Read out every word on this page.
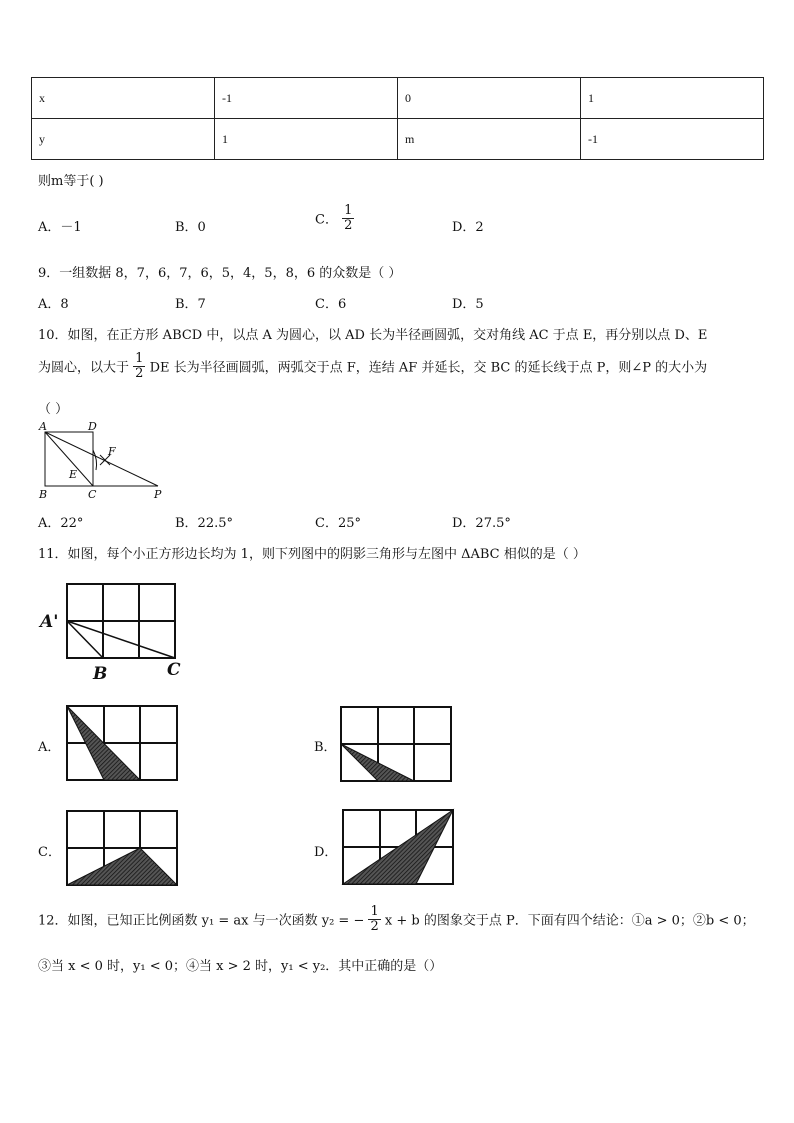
x	-1	0	1
y	1	m	-1
则m等于( )
A．－1	B．0	C． $\frac{1}{2}$	D．2
9．一组数据 8，7，6，7，6，5，4，5，8，6 的众数是（ ）
A．8	B．7	C．6	D．5
10．如图，在正方形 ABCD 中，以点 A 为圆心，以 AD 长为半径画圆弧，交对角线 AC 于点 E，再分别以点 D、E
为圆心，以大于 $\frac{1}{2}$ DE 长为半径画圆弧，两弧交于点 F，连结 AF 并延长，交 BC 的延长线于点 P，则∠P 的大小为
（ ）
A	D
F
E
B	C	P
A．22°	B．22.5°	C．25°	D．27.5°
11．如图，每个小正方形边长均为 1，则下列图中的阴影三角形与左图中 ΔABC 相似的是（ ）
A'
B	C
A．	B．
C．	D．
12．如图，已知正比例函数 y₁ = ax 与一次函数 y₂ = − $\frac{1}{2}$ x + b 的图象交于点 P．下面有四个结论：①a > 0；②b < 0；
③当 x < 0 时，y₁ < 0；④当 x > 2 时，y₁ < y₂．其中正确的是（）
